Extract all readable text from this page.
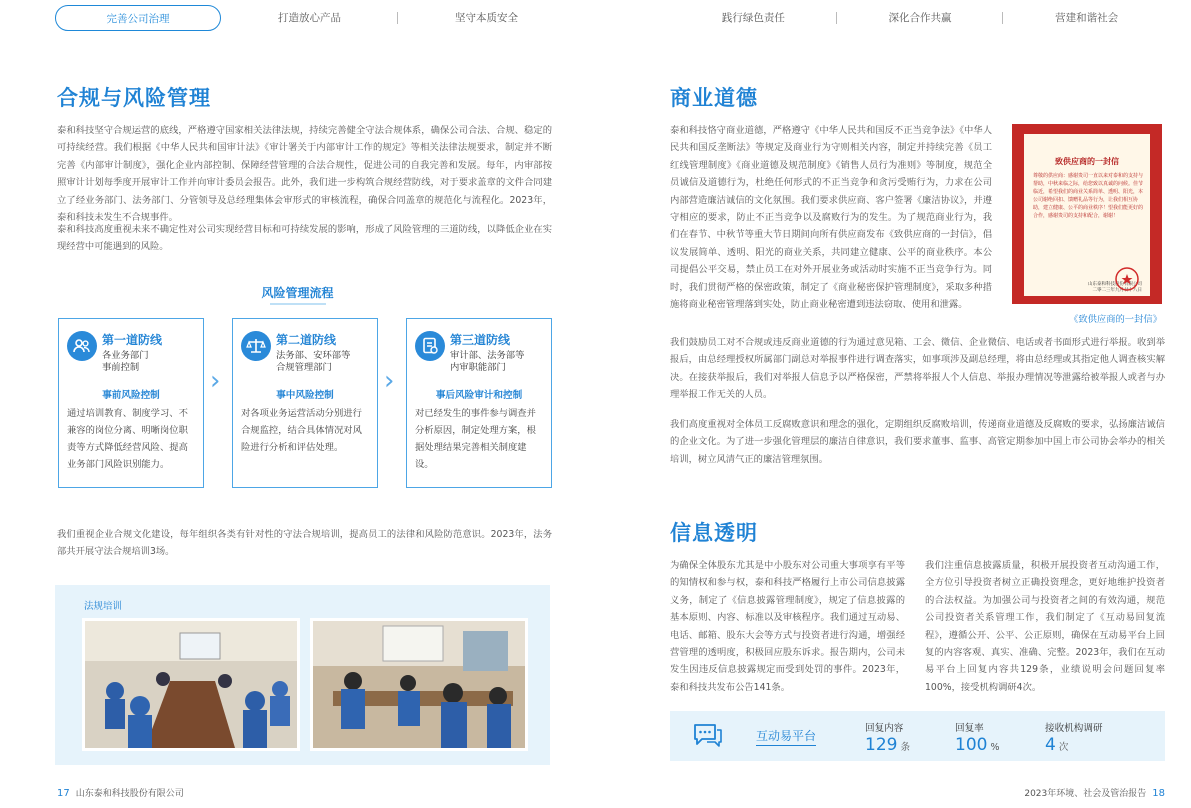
完善公司治理	打造放心产品	坚守本质安全	践行绿色责任	深化合作共赢	营建和谐社会
合规与风险管理
泰和科技坚守合规运营的底线，严格遵守国家相关法律法规，持续完善健全守法合规体系，确保公司合法、合规、稳定的可持续经营。我们根据《中华人民共和国审计法》《审计署关于内部审计工作的规定》等相关法律法规要求，制定并不断完善《内部审计制度》，强化企业内部控制、保障经营管理的合法合规性，促进公司的自我完善和发展。每年，内审部按照审计计划每季度开展审计工作并向审计委员会报告。此外，我们进一步构筑合规经营防线，对于要求盖章的文件合同建立了经业务部门、法务部门、分管领导及总经理集体会审形式的审核流程，确保合同盖章的规范化与流程化。2023年，泰和科技未发生不合规事件。
泰和科技高度重视未来不确定性对公司实现经营目标和可持续发展的影响，形成了风险管理的三道防线，以降低企业在实现经营中可能遇到的风险。
风险管理流程
第一道防线
各业务部门
事前控制
事前风险控制
通过培训教育、制度学习、不兼容的岗位分离、明晰岗位职责等方式降低经营风险、提高业务部门风险识别能力。
›
第二道防线
法务部、安环部等
合规管理部门
事中风险控制
对各项业务运营活动分别进行合规监控，结合具体情况对风险进行分析和评估处理。
›
第三道防线
审计部、法务部等
内审职能部门
事后风险审计和控制
对已经发生的事件参与调查并分析原因，制定处理方案，根据处理结果完善相关制度建设。
我们重视企业合规文化建设，每年组织各类有针对性的守法合规培训，提高员工的法律和风险防范意识。2023年，法务部共开展守法合规培训3场。
法规培训
17 山东泰和科技股份有限公司
商业道德
泰和科技恪守商业道德，严格遵守《中华人民共和国反不正当竞争法》《中华人民共和国反垄断法》等规定及商业行为守则相关内容，制定并持续完善《员工红线管理制度》《商业道德及规范制度》《销售人员行为准则》等制度，规范全员诚信及道德行为，杜绝任何形式的不正当竞争和贪污受贿行为，力求在公司内部营造廉洁诚信的文化氛围。我们要求供应商、客户签署《廉洁协议》，并遵守相应的要求，防止不正当竞争以及腐败行为的发生。为了规范商业行为，我们在春节、中秋节等重大节日期间向所有供应商发布《致供应商的一封信》，倡议发展简单、透明、阳光的商业关系，共同建立健康、公平的商业秩序。本公司提倡公平交易，禁止员工在对外开展业务或活动时实施不正当竞争行为。同时，我们贯彻严格的保密政策，制定了《商业秘密保护管理制度》，采取多种措施将商业秘密管理落到实处，防止商业秘密遭到违法窃取、使用和泄露。
致供应商的一封信
尊敬的供应商：感谢贵司一直以来对泰和的支持与帮助，中秋来临之际，给您致以真诚的问候。佳节临近，希望我们的商业关系简单、透明、阳光，本公司谢绝回扣、馈赠礼品等行为，让我们相互协助，建立健康、公平的商业秩序！望我们能更好的合作，感谢贵司的支持和配合，谢谢！
山东泰和科技股份有限公司
二零二三年九月廿十八日
《致供应商的一封信》
我们鼓励员工对不合规或违反商业道德的行为通过意见箱、工会、微信、企业微信、电话或者书面形式进行举报。收到举报后，由总经理授权所属部门副总对举报事件进行调查落实，如事项涉及副总经理，将由总经理或其指定他人调查核实解决。在接获举报后，我们对举报人信息予以严格保密，严禁将举报人个人信息、举报办理情况等泄露给被举报人或者与办理举报工作无关的人员。
我们高度重视对全体员工反腐败意识和理念的强化，定期组织反腐败培训，传递商业道德及反腐败的要求，弘扬廉洁诚信的企业文化。为了进一步强化管理层的廉洁自律意识，我们要求董事、监事、高管定期参加中国上市公司协会举办的相关培训，树立风清气正的廉洁管理氛围。
信息透明
为确保全体股东尤其是中小股东对公司重大事项享有平等的知情权和参与权，泰和科技严格履行上市公司信息披露义务，制定了《信息披露管理制度》，规定了信息披露的基本原则、内容、标准以及审核程序。我们通过互动易、电话、邮箱、股东大会等方式与投资者进行沟通，增强经营管理的透明度，积极回应股东诉求。报告期内，公司未发生因违反信息披露规定而受到处罚的事件。2023年，泰和科技共发布公告141条。
我们注重信息披露质量，积极开展投资者互动沟通工作，全方位引导投资者树立正确投资理念，更好地维护投资者的合法权益。为加强公司与投资者之间的有效沟通，规范公司投资者关系管理工作，我们制定了《互动易回复流程》，遵循公开、公平、公正原则，确保在互动易平台上回复的内容客观、真实、准确、完整。2023年，我们在互动易平台上回复内容共129条，业绩说明会问题回复率100%，接受机构调研4次。
互动易平台
回复内容
129 条
回复率
100 %
接收机构调研
4 次
2023年环境、社会及管治报告 18
